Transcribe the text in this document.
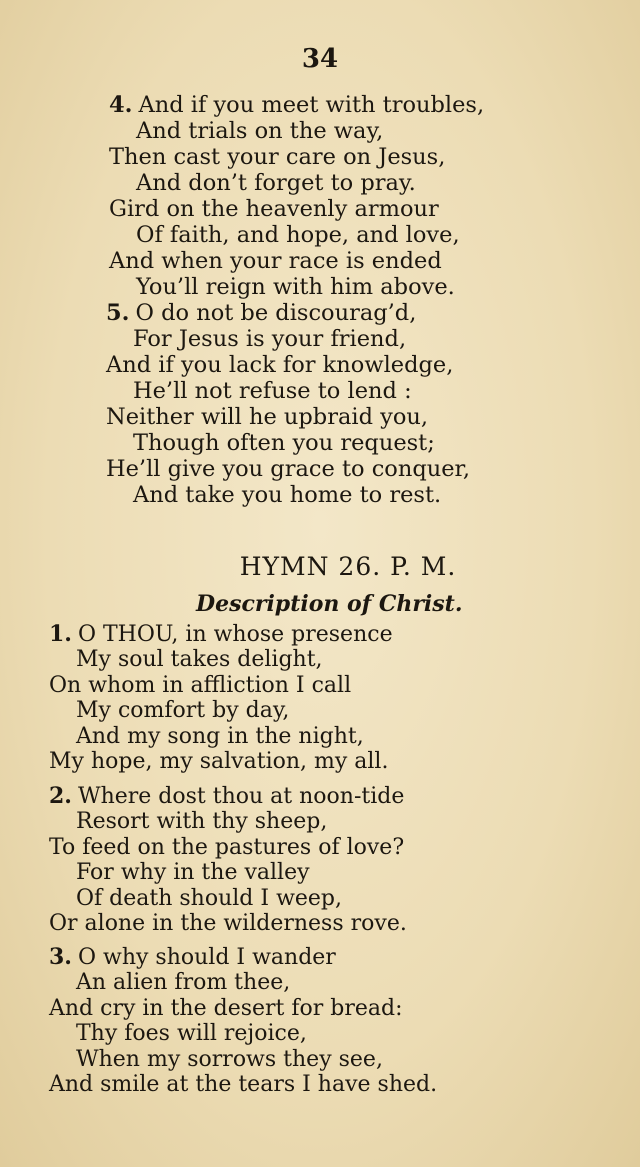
34
4. And if you meet with troubles,
And trials on the way,
Then cast your care on Jesus,
And don’t forget to pray.
Gird on the heavenly armour
Of faith, and hope, and love,
And when your race is ended
You’ll reign with him above.
5. O do not be discourag’d,
For Jesus is your friend,
And if you lack for knowledge,
He’ll not refuse to lend :
Neither will he upbraid you,
Though often you request;
He’ll give you grace to conquer,
And take you home to rest.
HYMN 26. P. M.
Description of Christ.
1. O THOU, in whose presence
My soul takes delight,
On whom in affliction I call
My comfort by day,
And my song in the night,
My hope, my salvation, my all.
2. Where dost thou at noon-tide
Resort with thy sheep,
To feed on the pastures of love?
For why in the valley
Of death should I weep,
Or alone in the wilderness rove.
3. O why should I wander
An alien from thee,
And cry in the desert for bread:
Thy foes will rejoice,
When my sorrows they see,
And smile at the tears I have shed.
